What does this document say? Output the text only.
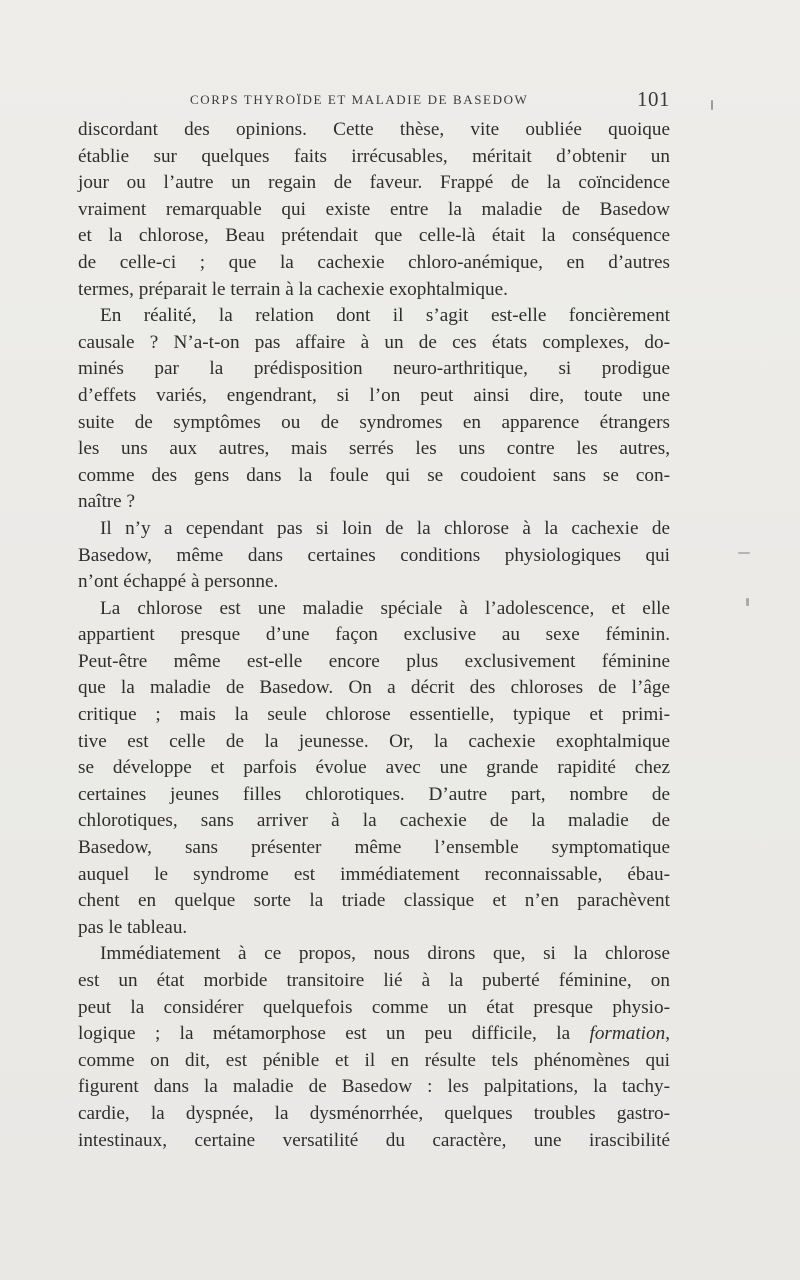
CORPS THYROÏDE ET MALADIE DE BASEDOW	101
discordant des opinions. Cette thèse, vite oubliée quoique
établie sur quelques faits irrécusables, méritait d’obtenir un
jour ou l’autre un regain de faveur. Frappé de la coïncidence
vraiment remarquable qui existe entre la maladie de Basedow
et la chlorose, Beau prétendait que celle-là était la conséquence
de celle-ci ; que la cachexie chloro-anémique, en d’autres
termes, préparait le terrain à la cachexie exophtalmique.
En réalité, la relation dont il s’agit est-elle foncièrement
causale ? N’a-t-on pas affaire à un de ces états complexes, do-
minés par la prédisposition neuro-arthritique, si prodigue
d’effets variés, engendrant, si l’on peut ainsi dire, toute une
suite de symptômes ou de syndromes en apparence étrangers
les uns aux autres, mais serrés les uns contre les autres,
comme des gens dans la foule qui se coudoient sans se con-
naître ?
Il n’y a cependant pas si loin de la chlorose à la cachexie de
Basedow, même dans certaines conditions physiologiques qui
n’ont échappé à personne.
La chlorose est une maladie spéciale à l’adolescence, et elle
appartient presque d’une façon exclusive au sexe féminin.
Peut-être même est-elle encore plus exclusivement féminine
que la maladie de Basedow. On a décrit des chloroses de l’âge
critique ; mais la seule chlorose essentielle, typique et primi-
tive est celle de la jeunesse. Or, la cachexie exophtalmique
se développe et parfois évolue avec une grande rapidité chez
certaines jeunes filles chlorotiques. D’autre part, nombre de
chlorotiques, sans arriver à la cachexie de la maladie de
Basedow, sans présenter même l’ensemble symptomatique
auquel le syndrome est immédiatement reconnaissable, ébau-
chent en quelque sorte la triade classique et n’en parachèvent
pas le tableau.
Immédiatement à ce propos, nous dirons que, si la chlorose
est un état morbide transitoire lié à la puberté féminine, on
peut la considérer quelquefois comme un état presque physio-
logique ; la métamorphose est un peu difficile, la formation,
comme on dit, est pénible et il en résulte tels phénomènes qui
figurent dans la maladie de Basedow : les palpitations, la tachy-
cardie, la dyspnée, la dysménorrhée, quelques troubles gastro-
intestinaux, certaine versatilité du caractère, une irascibilité
